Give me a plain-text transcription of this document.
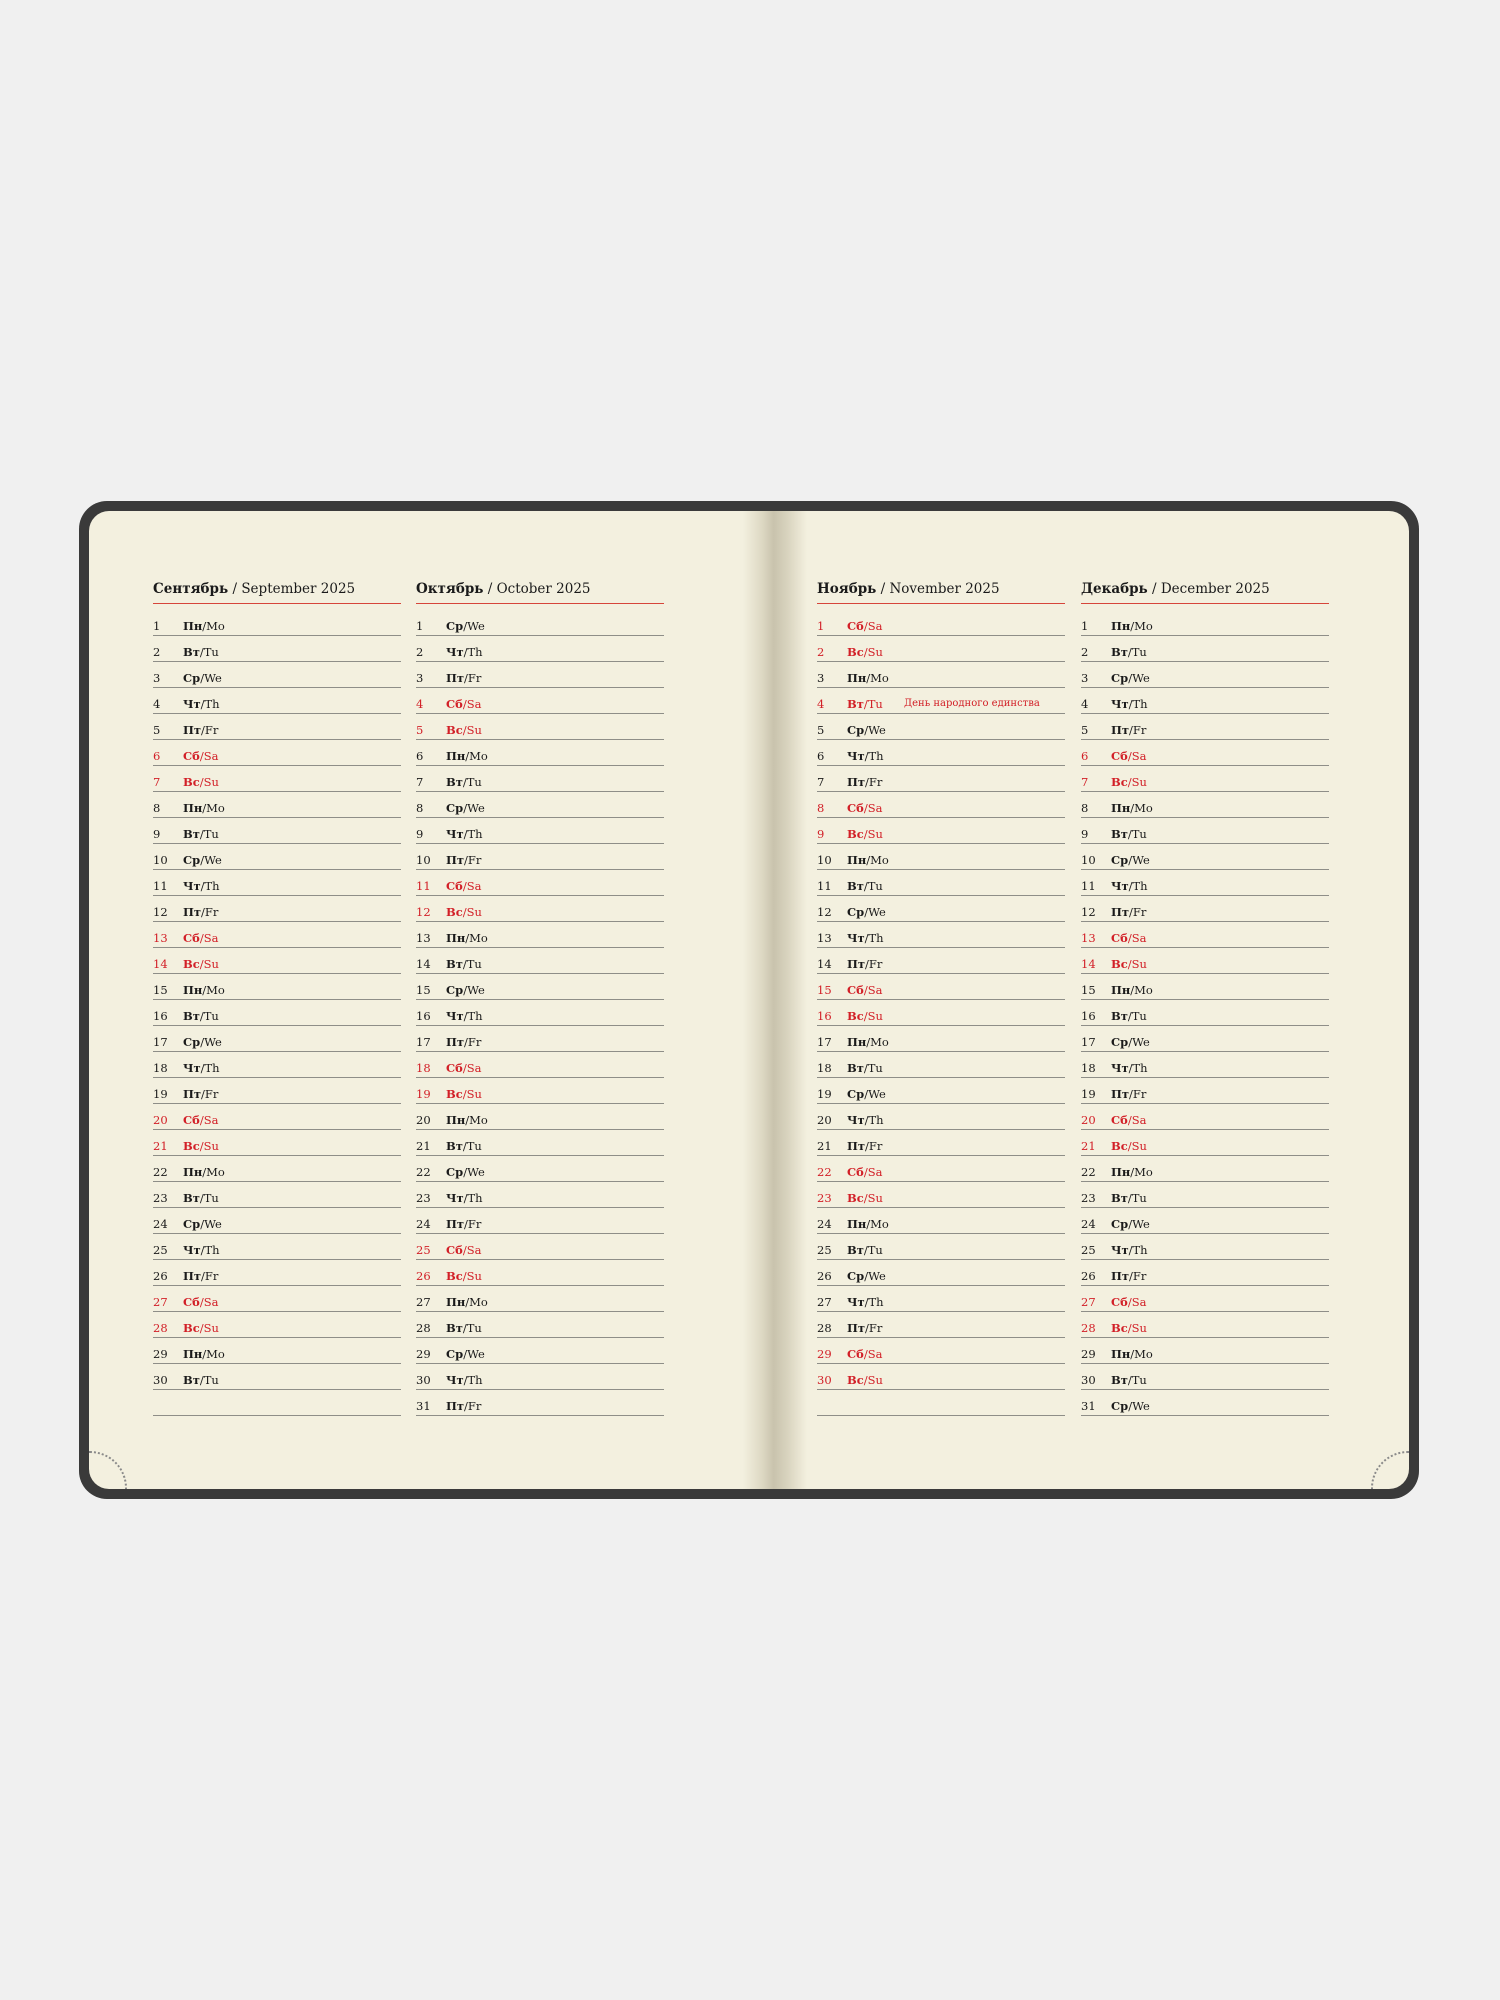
Сентябрь / September 2025
1 Пн/Mo
2 Вт/Tu
3 Ср/We
4 Чт/Th
5 Пт/Fr
6 Сб/Sa
7 Вс/Su
8 Пн/Mo
9 Вт/Tu
10 Ср/We
11 Чт/Th
12 Пт/Fr
13 Сб/Sa
14 Вс/Su
15 Пн/Mo
16 Вт/Tu
17 Ср/We
18 Чт/Th
19 Пт/Fr
20 Сб/Sa
21 Вс/Su
22 Пн/Mo
23 Вт/Tu
24 Ср/We
25 Чт/Th
26 Пт/Fr
27 Сб/Sa
28 Вс/Su
29 Пн/Mo
30 Вт/Tu
Октябрь / October 2025
1 Ср/We
2 Чт/Th
3 Пт/Fr
4 Сб/Sa
5 Вс/Su
6 Пн/Mo
7 Вт/Tu
8 Ср/We
9 Чт/Th
10 Пт/Fr
11 Сб/Sa
12 Вс/Su
13 Пн/Mo
14 Вт/Tu
15 Ср/We
16 Чт/Th
17 Пт/Fr
18 Сб/Sa
19 Вс/Su
20 Пн/Mo
21 Вт/Tu
22 Ср/We
23 Чт/Th
24 Пт/Fr
25 Сб/Sa
26 Вс/Su
27 Пн/Mo
28 Вт/Tu
29 Ср/We
30 Чт/Th
31 Пт/Fr
Ноябрь / November 2025
1 Сб/Sa
2 Вс/Su
3 Пн/Mo
4 Вт/Tu День народного единства
5 Ср/We
6 Чт/Th
7 Пт/Fr
8 Сб/Sa
9 Вс/Su
10 Пн/Mo
11 Вт/Tu
12 Ср/We
13 Чт/Th
14 Пт/Fr
15 Сб/Sa
16 Вс/Su
17 Пн/Mo
18 Вт/Tu
19 Ср/We
20 Чт/Th
21 Пт/Fr
22 Сб/Sa
23 Вс/Su
24 Пн/Mo
25 Вт/Tu
26 Ср/We
27 Чт/Th
28 Пт/Fr
29 Сб/Sa
30 Вс/Su
Декабрь / December 2025
1 Пн/Mo
2 Вт/Tu
3 Ср/We
4 Чт/Th
5 Пт/Fr
6 Сб/Sa
7 Вс/Su
8 Пн/Mo
9 Вт/Tu
10 Ср/We
11 Чт/Th
12 Пт/Fr
13 Сб/Sa
14 Вс/Su
15 Пн/Mo
16 Вт/Tu
17 Ср/We
18 Чт/Th
19 Пт/Fr
20 Сб/Sa
21 Вс/Su
22 Пн/Mo
23 Вт/Tu
24 Ср/We
25 Чт/Th
26 Пт/Fr
27 Сб/Sa
28 Вс/Su
29 Пн/Mo
30 Вт/Tu
31 Ср/We
